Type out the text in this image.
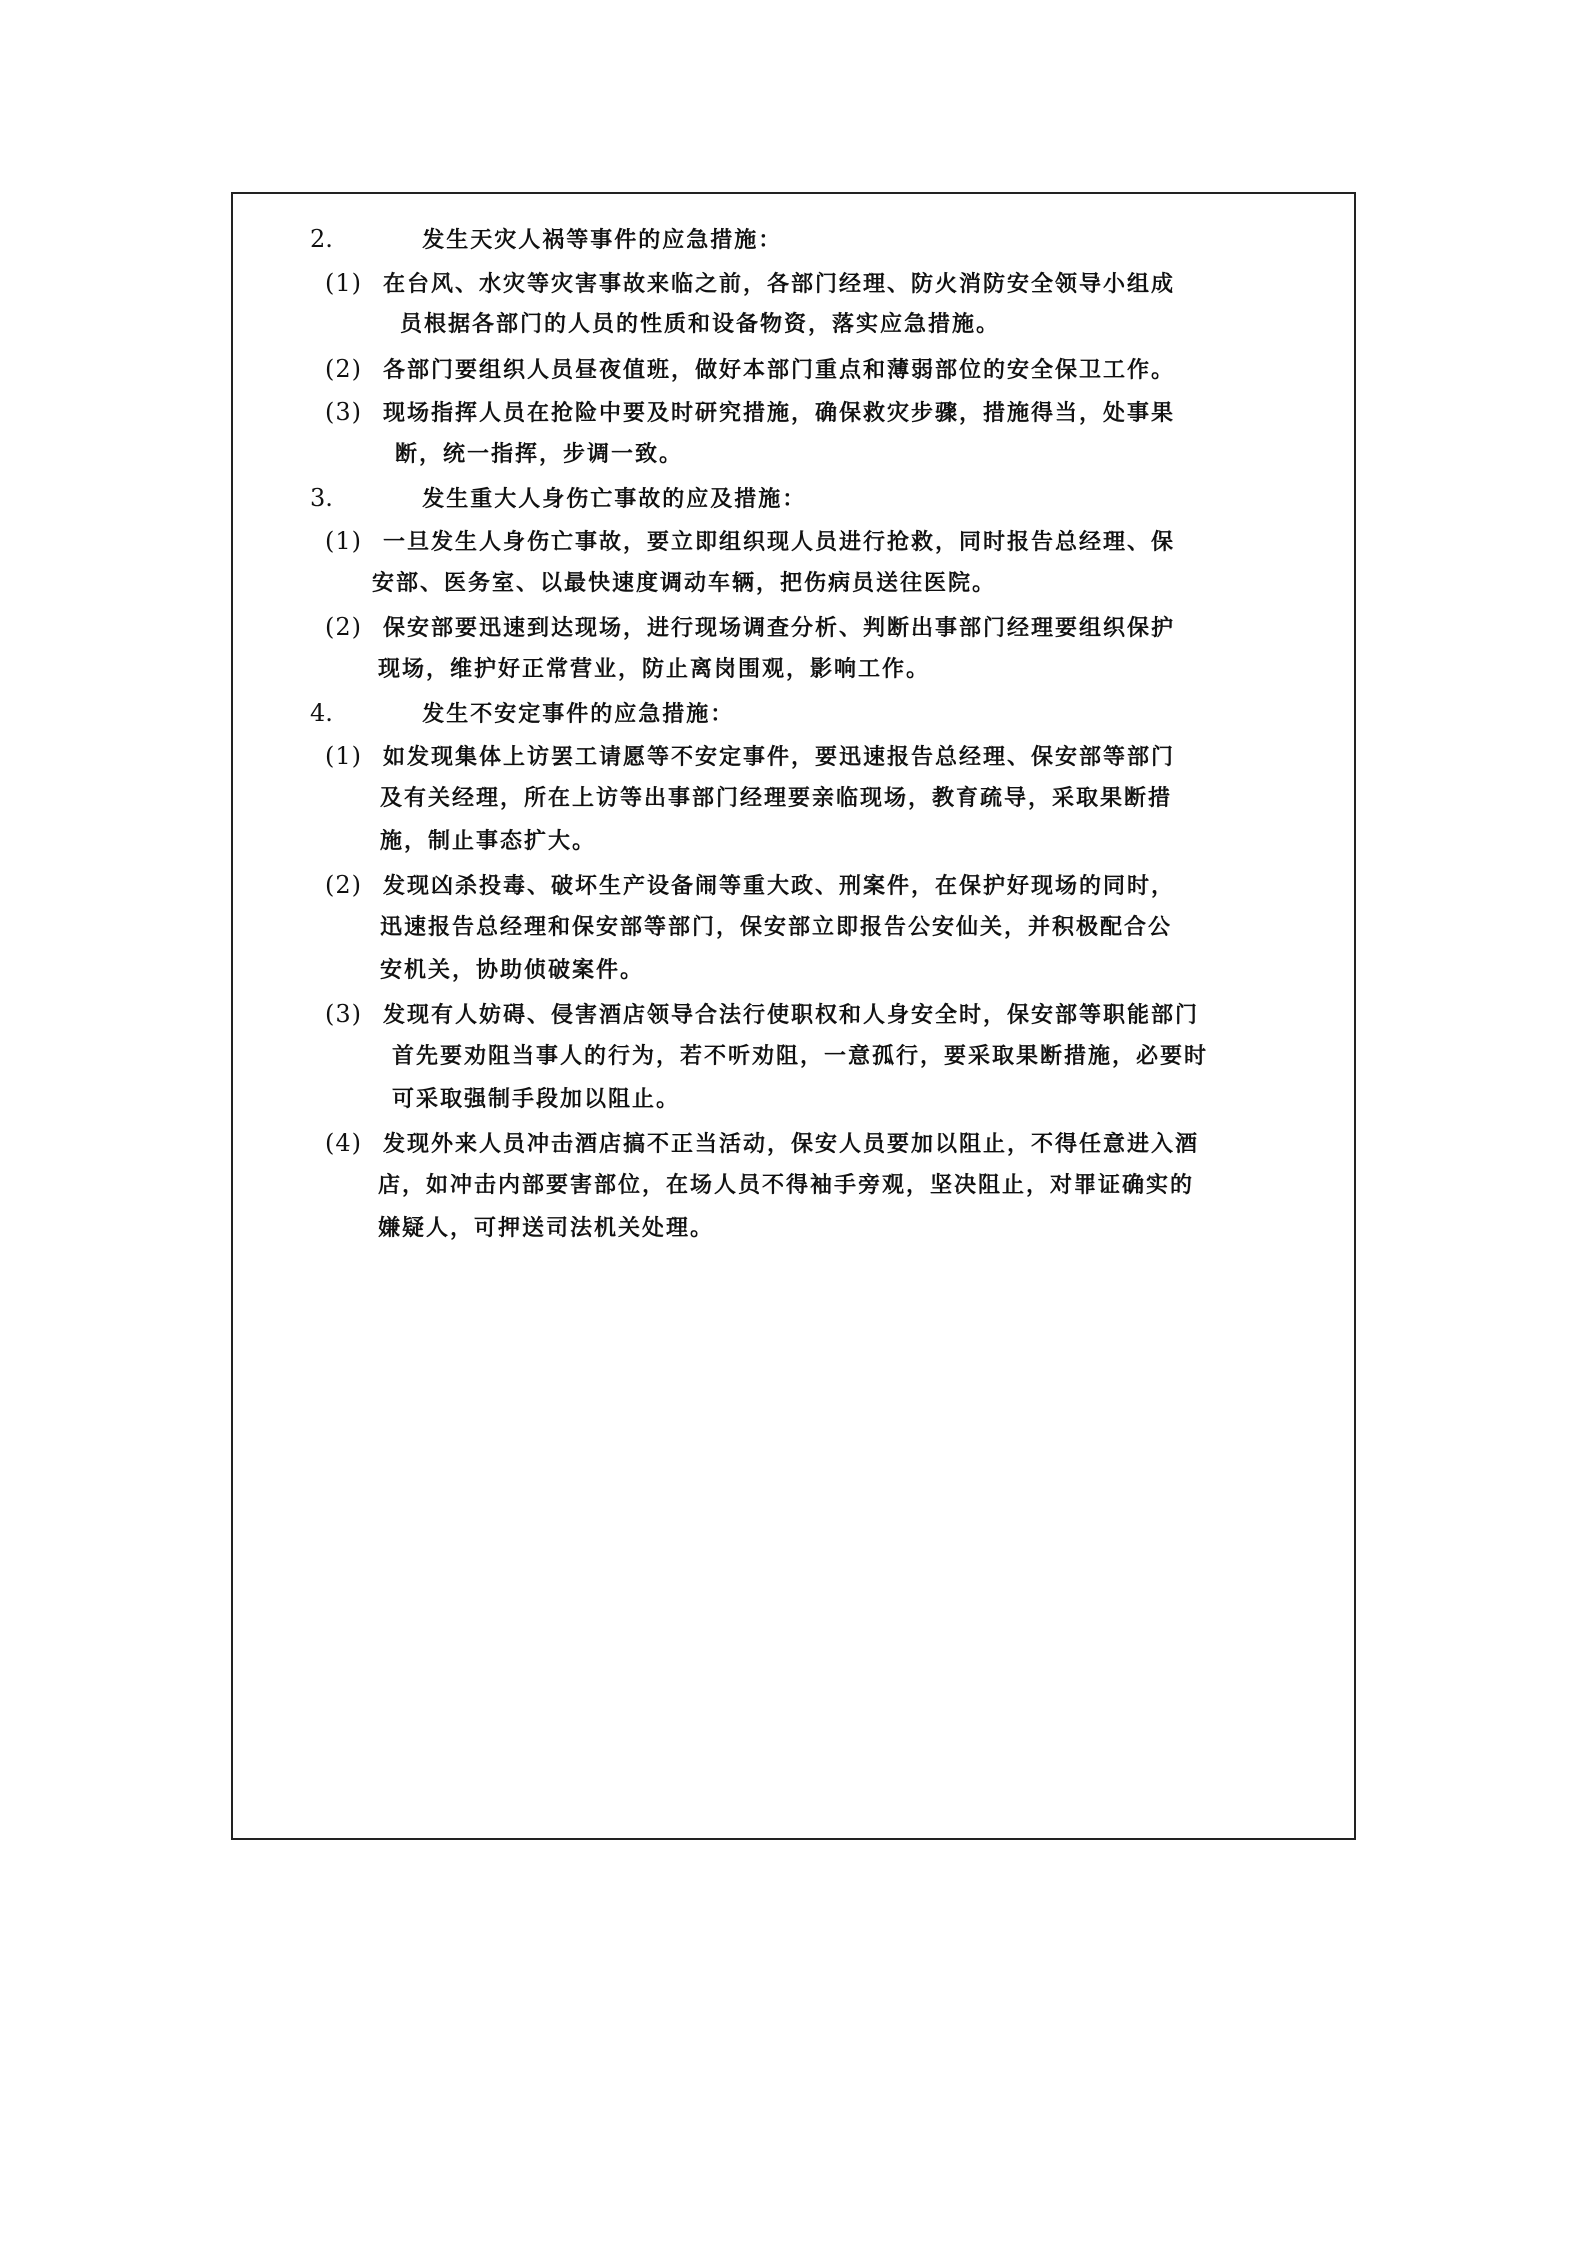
2.	发生天灾人祸等事件的应急措施：
(1) 在台风、水灾等灾害事故来临之前，各部门经理、防火消防安全领导小组成
员根据各部门的人员的性质和设备物资，落实应急措施。
(2) 各部门要组织人员昼夜值班，做好本部门重点和薄弱部位的安全保卫工作。
(3) 现场指挥人员在抢险中要及时研究措施，确保救灾步骤，措施得当，处事果
断，统一指挥，步调一致。
3.	发生重大人身伤亡事故的应及措施：
(1) 一旦发生人身伤亡事故，要立即组织现人员进行抢救，同时报告总经理、保
安部、医务室、以最快速度调动车辆，把伤病员送往医院。
(2) 保安部要迅速到达现场，进行现场调查分析、判断出事部门经理要组织保护
现场，维护好正常营业，防止离岗围观，影响工作。
4.	发生不安定事件的应急措施：
(1) 如发现集体上访罢工请愿等不安定事件，要迅速报告总经理、保安部等部门
及有关经理，所在上访等出事部门经理要亲临现场，教育疏导，采取果断措
施，制止事态扩大。
(2) 发现凶杀投毒、破坏生产设备闹等重大政、刑案件，在保护好现场的同时，
迅速报告总经理和保安部等部门，保安部立即报告公安仙关，并积极配合公
安机关，协助侦破案件。
(3) 发现有人妨碍、侵害酒店领导合法行使职权和人身安全时，保安部等职能部门
首先要劝阻当事人的行为，若不听劝阻，一意孤行，要采取果断措施，必要时
可采取强制手段加以阻止。
(4) 发现外来人员冲击酒店搞不正当活动，保安人员要加以阻止，不得任意进入酒
店，如冲击内部要害部位，在场人员不得袖手旁观，坚决阻止，对罪证确实的
嫌疑人，可押送司法机关处理。
